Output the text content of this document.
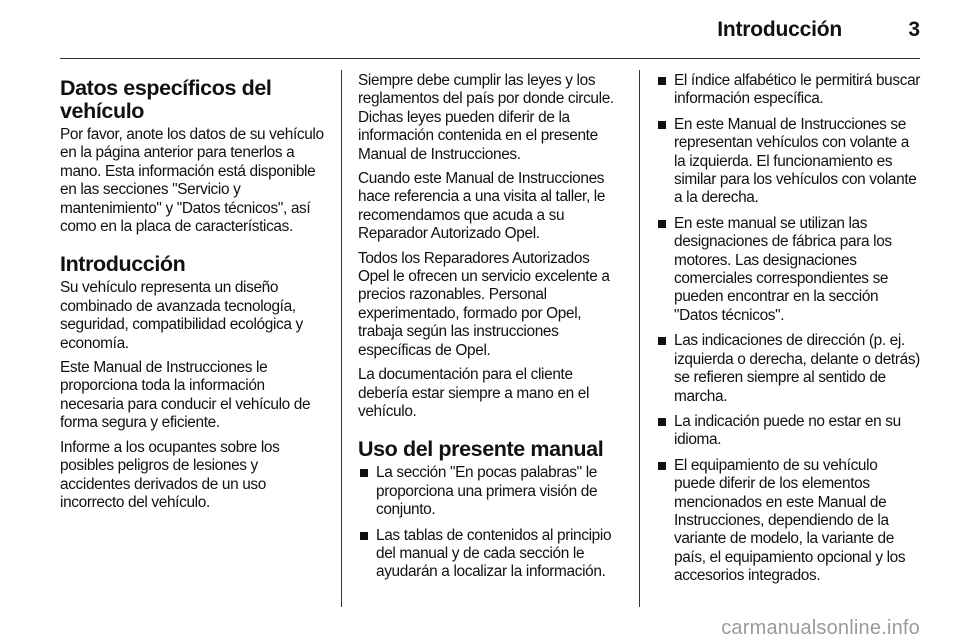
Introducción	3
Datos específicos del vehículo

Por favor, anote los datos de su vehículo en la página anterior para tenerlos a mano. Esta información está disponible en las secciones "Servicio y mantenimiento" y "Datos técnicos", así como en la placa de características.

Introducción

Su vehículo representa un diseño combinado de avanzada tecnología, seguridad, compatibilidad ecológica y economía.

Este Manual de Instrucciones le proporciona toda la información necesaria para conducir el vehículo de forma segura y eficiente.

Informe a los ocupantes sobre los posibles peligros de lesiones y accidentes derivados de un uso incorrecto del vehículo.

Siempre debe cumplir las leyes y los reglamentos del país por donde circule. Dichas leyes pueden diferir de la información contenida en el presente Manual de Instrucciones.

Cuando este Manual de Instrucciones hace referencia a una visita al taller, le recomendamos que acuda a su Reparador Autorizado Opel.

Todos los Reparadores Autorizados Opel le ofrecen un servicio excelente a precios razonables. Personal experimentado, formado por Opel, trabaja según las instrucciones específicas de Opel.

La documentación para el cliente debería estar siempre a mano en el vehículo.

Uso del presente manual
La sección "En pocas palabras" le proporciona una primera visión de conjunto.
Las tablas de contenidos al principio del manual y de cada sección le ayudarán a localizar la información.
El índice alfabético le permitirá buscar información específica.
En este Manual de Instrucciones se representan vehículos con volante a la izquierda. El funcionamiento es similar para los vehículos con volante a la derecha.
En este manual se utilizan las designaciones de fábrica para los motores. Las designaciones comerciales correspondientes se pueden encontrar en la sección "Datos técnicos".
Las indicaciones de dirección (p. ej. izquierda o derecha, delante o detrás) se refieren siempre al sentido de marcha.
La indicación puede no estar en su idioma.
El equipamiento de su vehículo puede diferir de los elementos mencionados en este Manual de Instrucciones, dependiendo de la variante de modelo, la variante de país, el equipamiento opcional y los accesorios integrados.
carmanualsonline.info
